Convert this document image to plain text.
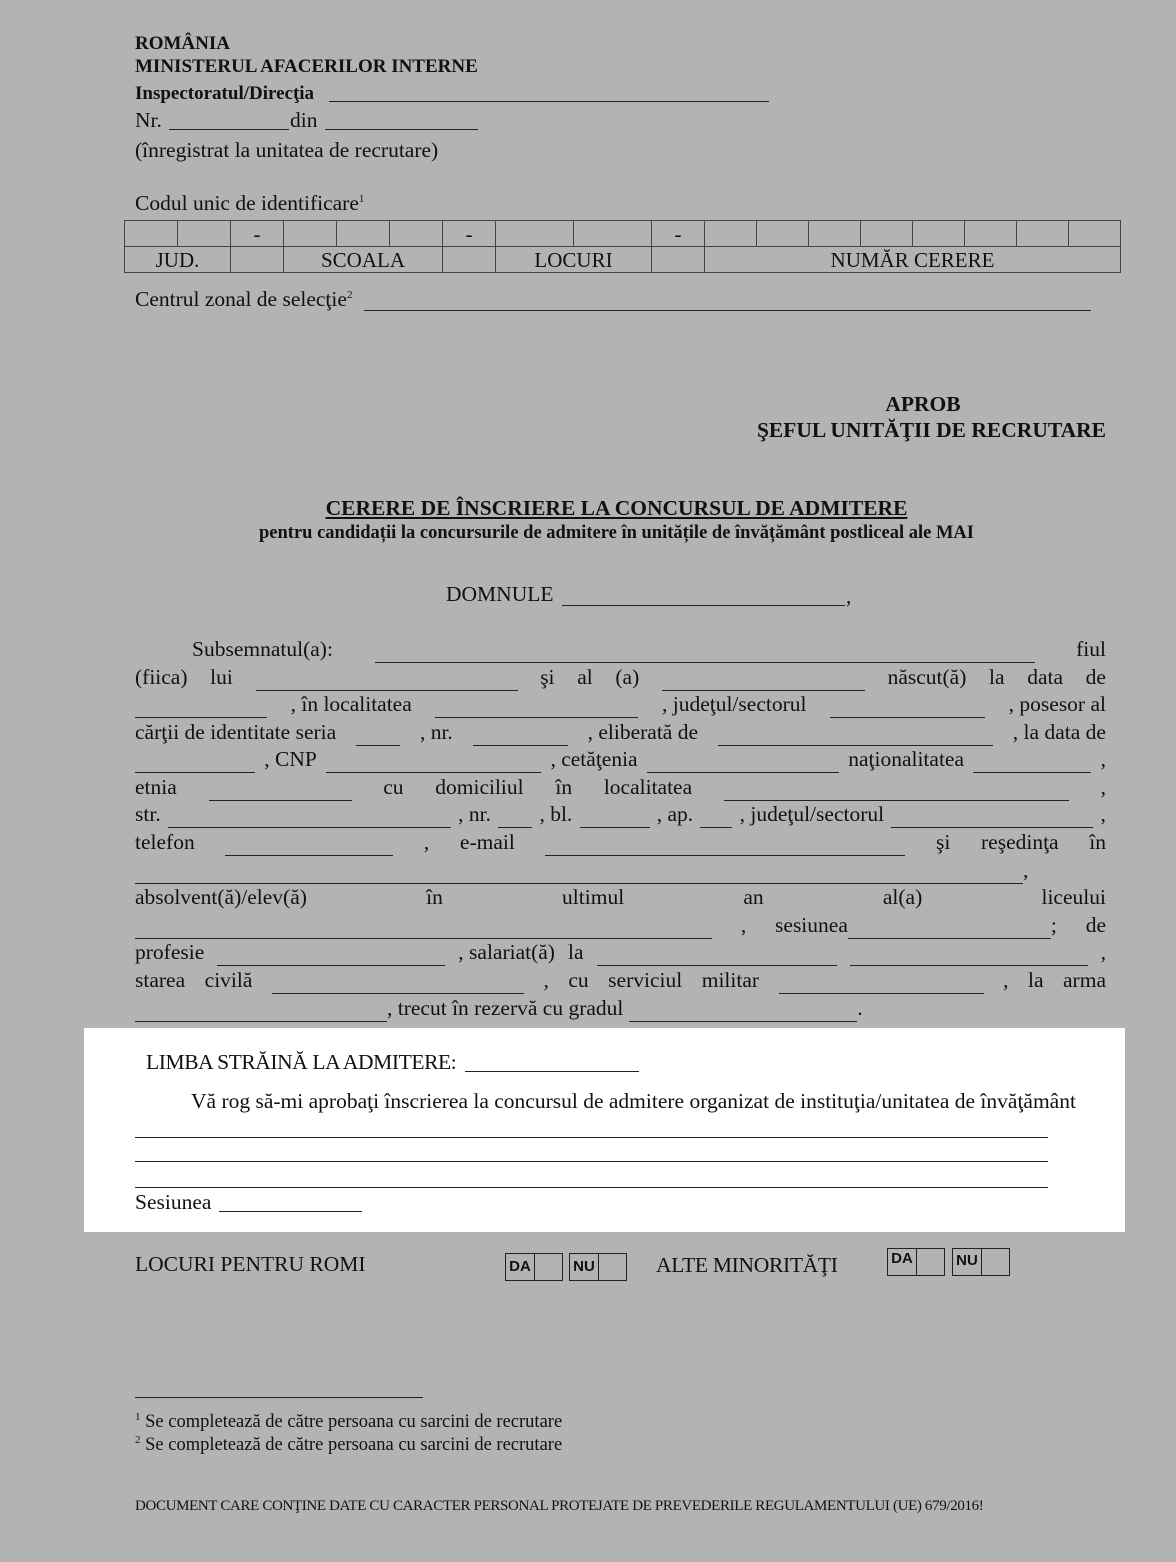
ROMÂNIA
MINISTERUL AFACERILOR INTERNE
Inspectoratul/Direcţia
Nr.	din
(înregistrat la unitatea de recrutare)
Codul unic de identificare$^1$
		-				-			-								
JUD.			SCOALA				LOCURI			NUMĂR CERERE							
Centrul zonal de selecţie$^2$
APROB
ŞEFUL UNITĂŢII DE RECRUTARE
CERERE DE ÎNSCRIERE LA CONCURSUL DE ADMITERE
pentru candidații la concursurile de admitere în unitățile de învățământ postliceal ale MAI
DOMNULE	,
Subsemnatul(a):	fiul
(fiica) lui	şi al (a)	născut(ă) la data de
, în localitatea	, judeţul/sectorul	, posesor al
cărţii de identitate seria	, nr.	, eliberată de	, la data de
, CNP	, cetăţenia	naţionalitatea	,
etnia	cu domiciliul în localitatea	,
str.	, nr. , bl.	, ap. , judeţul/sectorul	,
telefon	, e-mail	şi reşedinţa în
,
absolvent(ă)/elev(ă)	în	ultimul	an	al(a)	liceului
, sesiunea	; de
profesie	, salariat(ă) la	,
starea civilă	, cu serviciul militar	, la arma
, trecut în rezervă cu gradul	.
LIMBA STRĂINĂ LA ADMITERE:
Vă rog să-mi aprobaţi înscrierea la concursul de admitere organizat de instituţia/unitatea de învăţământ
Sesiunea
LOCURI PENTRU ROMI	DA	NU	ALTE MINORITĂŢI	DA	NU
$^1$ Se completează de către persoana cu sarcini de recrutare
$^2$ Se completează de către persoana cu sarcini de recrutare
DOCUMENT CARE CONŢINE DATE CU CARACTER PERSONAL PROTEJATE DE PREVEDERILE REGULAMENTULUI (UE) 679/2016!
